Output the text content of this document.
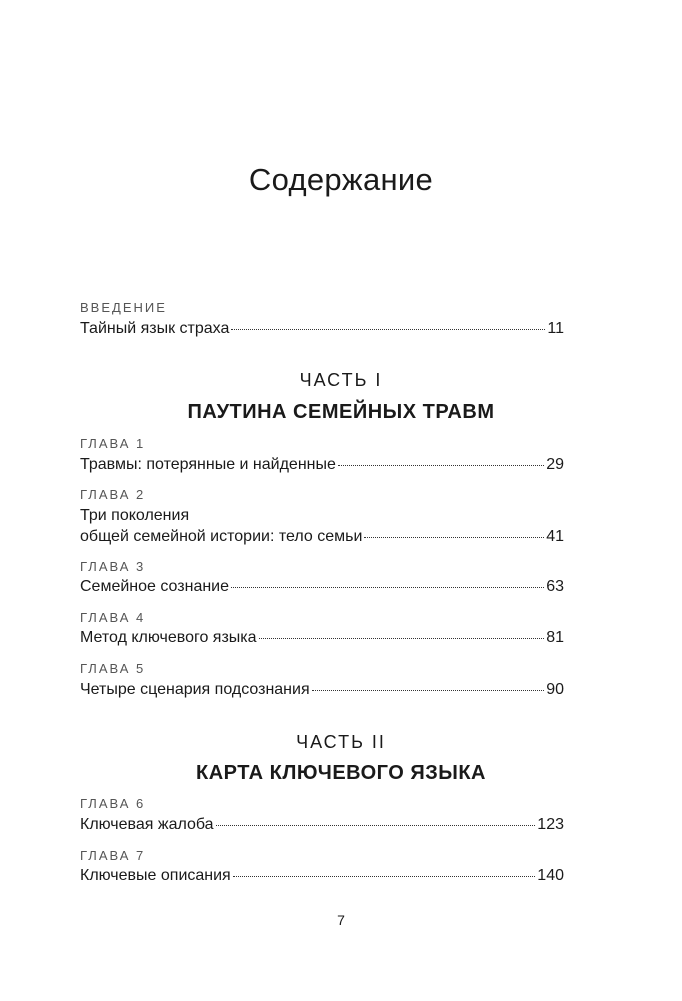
Содержание
ВВЕДЕНИЕ
Тайный язык страха	11
ГЛАВА 1
Травмы: потерянные и найденные	29
ГЛАВА 2
Три поколения
общей семейной истории: тело семьи	41
ГЛАВА 3
Семейное сознание	63
ГЛАВА 4
Метод ключевого языка	81
ГЛАВА 5
Четыре сценария подсознания	90
ГЛАВА 6
Ключевая жалоба	123
ГЛАВА 7
Ключевые описания	140
ЧАСТЬ I
ПАУТИНА СЕМЕЙНЫХ ТРАВМ
ЧАСТЬ II
КАРТА КЛЮЧЕВОГО ЯЗЫКА
7
